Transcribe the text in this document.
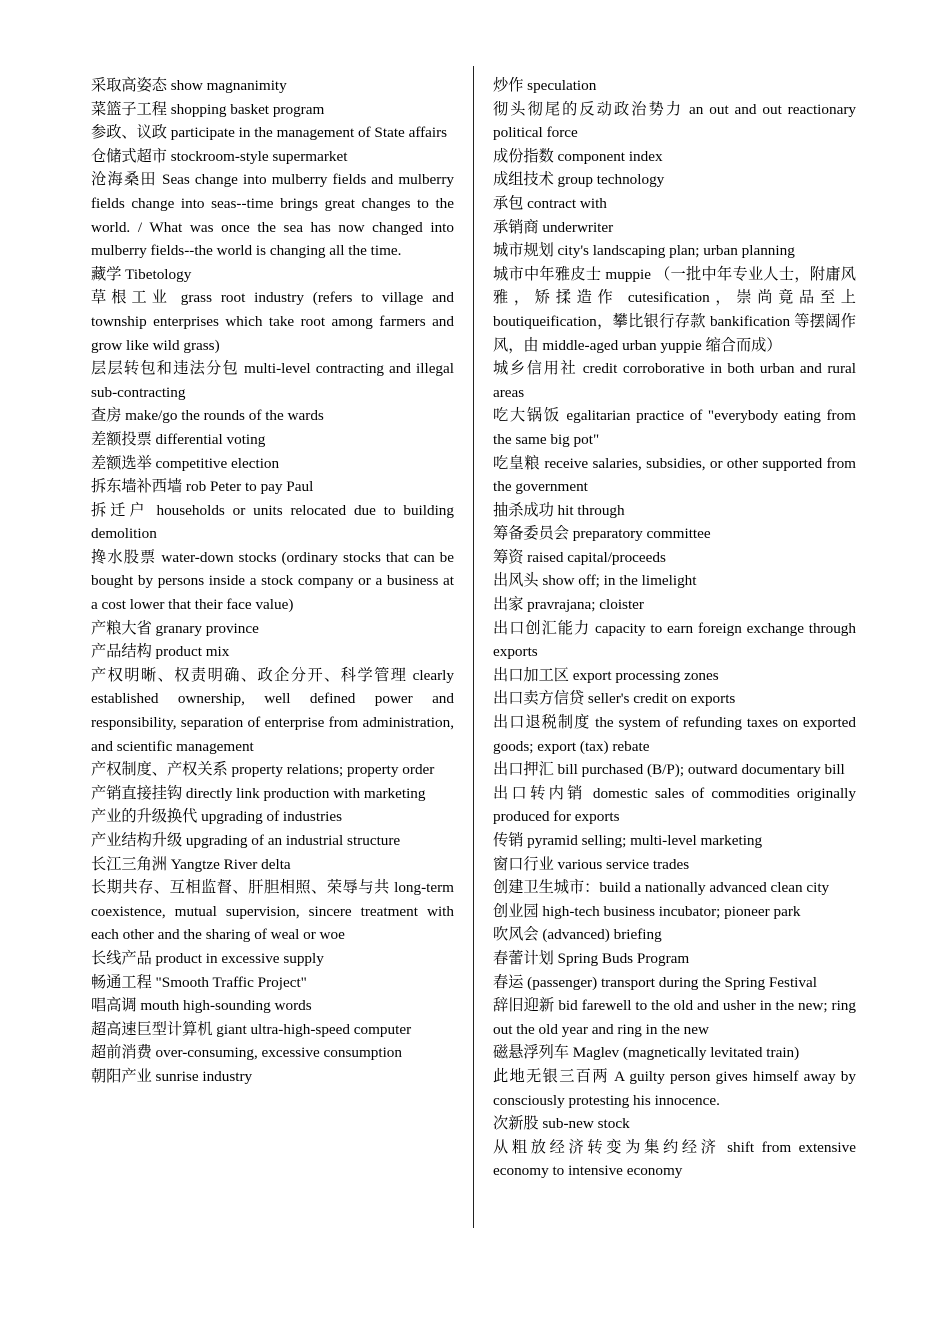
采取高姿态 show magnanimity

菜篮子工程 shopping basket program

参政、议政 participate in the management of State affairs

仓储式超市 stockroom-style supermarket

沧海桑田 Seas change into mulberry fields and mulberry fields change into seas--time brings great changes to the world. / What was once the sea has now changed into mulberry fields--the world is changing all the time.

藏学 Tibetology

草根工业 grass root industry (refers to village and township enterprises which take root among farmers and grow like wild grass)

层层转包和违法分包 multi-level contracting and illegal sub-contracting

查房 make/go the rounds of the wards

差额投票 differential voting

差额选举 competitive election

拆东墙补西墙 rob Peter to pay Paul

拆迁户 households or units relocated due to building demolition

搀水股票 water-down stocks (ordinary stocks that can be bought by persons inside a stock company or a business at a cost lower that their face value)

产粮大省 granary province

产品结构 product mix

产权明晰、权责明确、政企分开、科学管理 clearly established ownership, well defined power and responsibility, separation of enterprise from administration, and scientific management

产权制度、产权关系 property relations; property order

产销直接挂钩 directly link production with marketing

产业的升级换代 upgrading of industries

产业结构升级 upgrading of an industrial structure

长江三角洲 Yangtze River delta

长期共存、互相监督、肝胆相照、荣辱与共 long-term coexistence, mutual supervision, sincere treatment with each other and the sharing of weal or woe

长线产品 product in excessive supply

畅通工程 "Smooth Traffic Project"

唱高调 mouth high-sounding words

超高速巨型计算机 giant ultra-high-speed computer

超前消费 over-consuming, excessive consumption

朝阳产业 sunrise industry

炒作 speculation

彻头彻尾的反动政治势力 an out and out reactionary political force

成份指数 component index

成组技术 group technology

承包 contract with

承销商 underwriter

城市规划 city's landscaping plan; urban planning

城市中年雅皮士 muppie （一批中年专业人士，附庸风雅，矫揉造作 cutesification，崇尚竟品至上 boutiqueification，攀比银行存款 bankification 等摆阔作风，由 middle-aged urban yuppie 缩合而成）

城乡信用社 credit corroborative in both urban and rural areas

吃大锅饭 egalitarian practice of "everybody eating from the same big pot"

吃皇粮 receive salaries, subsidies, or other supported from the government

抽杀成功 hit through

筹备委员会 preparatory committee

筹资 raised capital/proceeds

出风头 show off; in the limelight

出家 pravrajana; cloister

出口创汇能力 capacity to earn foreign exchange through exports

出口加工区 export processing zones

出口卖方信贷 seller's credit on exports

出口退税制度 the system of refunding taxes on exported goods; export (tax) rebate

出口押汇 bill purchased (B/P); outward documentary bill

出口转内销 domestic sales of commodities originally produced for exports

传销 pyramid selling; multi-level marketing

窗口行业 various service trades

创建卫生城市：build a nationally advanced clean city

创业园 high-tech business incubator; pioneer park

吹风会 (advanced) briefing

春蕾计划 Spring Buds Program

春运 (passenger) transport during the Spring Festival

辞旧迎新 bid farewell to the old and usher in the new; ring out the old year and ring in the new

磁悬浮列车 Maglev (magnetically levitated train)

此地无银三百两 A guilty person gives himself away by consciously protesting his innocence.

次新股 sub-new stock

从粗放经济转变为集约经济 shift from extensive economy to intensive economy
